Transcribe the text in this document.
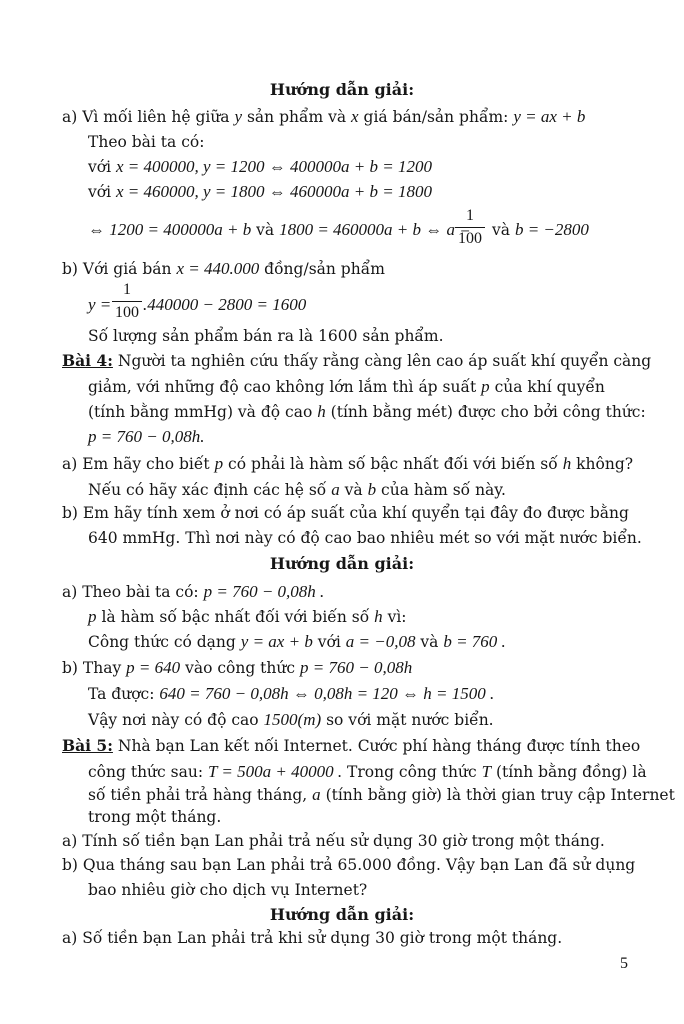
Hướng dẫn giải:
a) Vì mối liên hệ giữa y sản phẩm và x giá bán/sản phẩm: y = ax + b
Theo bài ta có:
với x = 400000, y = 1200 ⇔ 400000a + b = 1200
với x = 460000, y = 1800 ⇔ 460000a + b = 1800
⇔ 1200 = 400000a + b và 1800 = 460000a + b ⇔ a =
1
100 và b = −2800
b) Với giá bán x = 440.000 đồng/sản phẩm
y =
1
100 .440000 − 2800 = 1600
Số lượng sản phẩm bán ra là 1600 sản phẩm.
Bài 4: Người ta nghiên cứu thấy rằng càng lên cao áp suất khí quyển càng
giảm, với những độ cao không lớn lắm thì áp suất p của khí quyển
(tính bằng mmHg) và độ cao h (tính bằng mét) được cho bởi công thức:
p = 760 − 0,08h.
a) Em hãy cho biết p có phải là hàm số bậc nhất đối với biến số h không?
Nếu có hãy xác định các hệ số a và b của hàm số này.
b) Em hãy tính xem ở nơi có áp suất của khí quyển tại đây đo được bằng
640 mmHg. Thì nơi này có độ cao bao nhiêu mét so với mặt nước biển.
Hướng dẫn giải:
a) Theo bài ta có: p = 760 − 0,08h .
p là hàm số bậc nhất đối với biến số h vì:
Công thức có dạng y = ax + b với a = −0,08 và b = 760 .
b) Thay p = 640 vào công thức p = 760 − 0,08h
Ta được: 640 = 760 − 0,08h ⇔ 0,08h = 120 ⇔ h = 1500 .
Vậy nơi này có độ cao 1500(m) so với mặt nước biển.
Bài 5: Nhà bạn Lan kết nối Internet. Cước phí hàng tháng được tính theo
công thức sau: T = 500a + 40000 . Trong công thức T (tính bằng đồng) là
số tiền phải trả hàng tháng, a (tính bằng giờ) là thời gian truy cập Internet
trong một tháng.
a) Tính số tiền bạn Lan phải trả nếu sử dụng 30 giờ trong một tháng.
b) Qua tháng sau bạn Lan phải trả 65.000 đồng. Vậy bạn Lan đã sử dụng
bao nhiêu giờ cho dịch vụ Internet?
Hướng dẫn giải:
a) Số tiền bạn Lan phải trả khi sử dụng 30 giờ trong một tháng.
5
